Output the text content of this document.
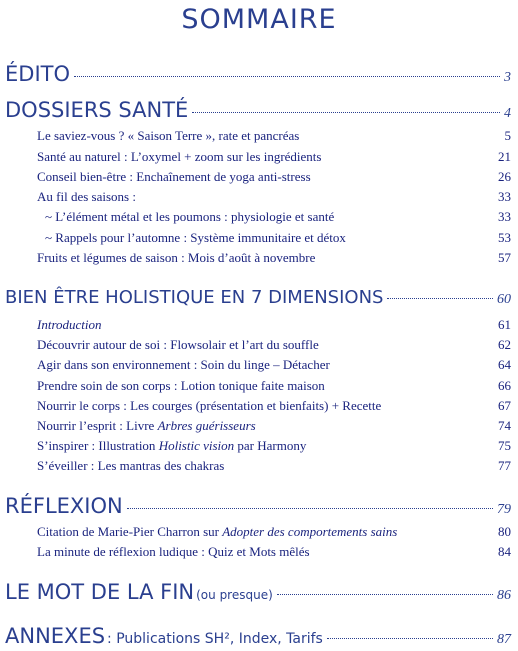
SOMMAIRE
ÉDITO	3
DOSSIERS SANTÉ	4
Le saviez-vous ? « Saison Terre », rate et pancréas	5
Santé au naturel : L’oxymel + zoom sur les ingrédients	21
Conseil bien-être : Enchaînement de yoga anti-stress	26
Au fil des saisons :	33
~ L’élément métal et les poumons : physiologie et santé	33
~ Rappels pour l’automne : Système immunitaire et détox	53
Fruits et légumes de saison : Mois d’août à novembre	57
BIEN ÊTRE HOLISTIQUE EN 7 DIMENSIONS	60
Introduction	61
Découvrir autour de soi : Flowsolair et l’art du souffle	62
Agir dans son environnement : Soin du linge – Détacher	64
Prendre soin de son corps : Lotion tonique faite maison	66
Nourrir le corps : Les courges (présentation et bienfaits) + Recette	67
Nourrir l’esprit : Livre Arbres guérisseurs	74
S’inspirer : Illustration Holistic vision par Harmony	75
S’éveiller : Les mantras des chakras	77
RÉFLEXION	79
Citation de Marie-Pier Charron sur Adopter des comportements sains	80
La minute de réflexion ludique : Quiz et Mots mêlés	84
LE MOT DE LA FIN (ou presque)	86
ANNEXES : Publications SH², Index, Tarifs	87
